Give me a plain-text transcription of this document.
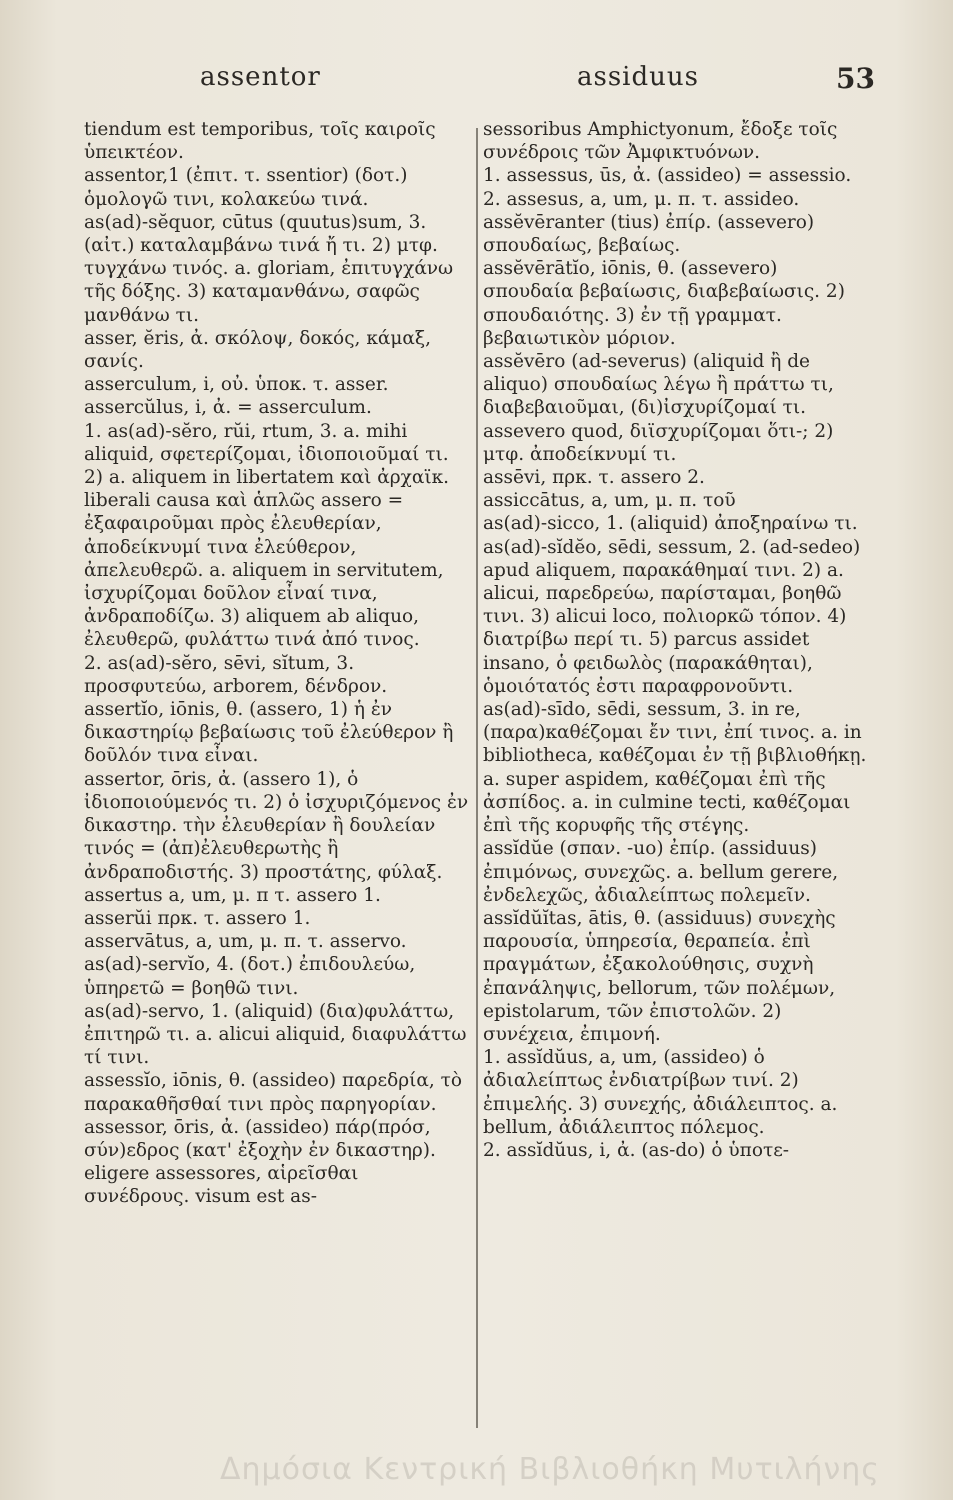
assentor	assiduus	53

tiendum est temporibus, τοῖς καιροῖς ὑπεικτέον.

assentor,1 (ἐπιτ. τ. ssentior) (δοτ.) ὁμολογῶ τινι, κολακεύω τινά.

as(ad)-sĕquor, cūtus (quutus)sum, 3. (αἰτ.) καταλαμβάνω τινά ἤ τι. 2) μτφ. τυγχάνω τινός. a. gloriam, ἐπιτυγχάνω τῆς δόξης. 3) καταμανθάνω, σαφῶς μανθάνω τι.

asser, ĕris, ἀ. σκόλοψ, δοκός, κάμαξ, σανίς.

asserculum, i, οὐ. ὑποκ. τ. asser.

assercŭlus, i, ἀ. = asserculum.

1. as(ad)-sĕro, rŭi, rtum, 3. a. mihi aliquid, σφετερίζομαι, ἰδιοποιοῦμαί τι. 2) a. aliquem in libertatem καὶ ἀρχαϊκ. liberali causa καὶ ἁπλῶς assero = ἐξαφαιροῦμαι πρὸς ἐλευθερίαν, ἀποδείκνυμί τινα ἐλεύθερον, ἀπελευθερῶ. a. aliquem in servitutem, ἰσχυρίζομαι δοῦλον εἶναί τινα, ἀνδραποδίζω. 3) aliquem ab aliquo, ἐλευθερῶ, φυλάττω τινά ἀπό τινος.

2. as(ad)-sĕro, sēvi, sĭtum, 3. προσφυτεύω, arborem, δένδρον.

assertĭo, iōnis, θ. (assero, 1) ἡ ἐν δικαστηρίῳ βεβαίωσις τοῦ ἐλεύθερον ἢ δοῦλόν τινα εἶναι.

assertor, ōris, ἀ. (assero 1), ὁ ἰδιοποιούμενός τι. 2) ὁ ἰσχυριζόμενος ἐν δικαστηρ. τὴν ἐλευθερίαν ἢ δουλείαν τινός = (ἀπ)ἐλευθερωτὴς ἢ ἀνδραποδιστής. 3) προστάτης, φύλαξ.

assertus a, um, μ. π τ. assero 1.

asserŭi πρκ. τ. assero 1.

asservātus, a, um, μ. π. τ. asservo.

as(ad)-servĭo, 4. (δοτ.) ἐπιδουλεύω, ὑπηρετῶ = βοηθῶ τινι.

as(ad)-servo, 1. (aliquid) (δια)φυλάττω, ἐπιτηρῶ τι. a. alicui aliquid, διαφυλάττω τί τινι.

assessĭo, iōnis, θ. (assideo) παρεδρία, τὸ παρακαθῆσθαί τινι πρὸς παρηγορίαν.

assessor, ōris, ἀ. (assideo) πάρ(πρόσ, σύν)εδρος (κατ' ἐξοχὴν ἐν δικαστηρ). eligere assessores, αἱρεῖσθαι συνέδρους. visum est as-

sessoribus Amphictyonum, ἔδοξε τοῖς συνέδροις τῶν Ἀμφικτυόνων.

1. assessus, ūs, ἀ. (assideo) = assessio.

2. assesus, a, um, μ. π. τ. assideo.

assĕvēranter (tius) ἐπίρ. (assevero) σπουδαίως, βεβαίως.

assĕvērātĭo, iōnis, θ. (assevero) σπουδαία βεβαίωσις, διαβεβαίωσις. 2) σπουδαιότης. 3) ἐν τῇ γραμματ. βεβαιωτικὸν μόριον.

assĕvēro (ad-severus) (aliquid ἢ de aliquo) σπουδαίως λέγω ἢ πράττω τι, διαβεβαιοῦμαι, (δι)ἰσχυρίζομαί τι. assevero quod, διϊσχυρίζομαι ὅτι-; 2) μτφ. ἀποδείκνυμί τι.

assēvi, πρκ. τ. assero 2.

assiccātus, a, um, μ. π. τοῦ

as(ad)-sicco, 1. (aliquid) ἀποξηραίνω τι.

as(ad)-sĭdĕo, sēdi, sessum, 2. (ad-sedeo) apud aliquem, παρακάθημαί τινι. 2) a. alicui, παρεδρεύω, παρίσταμαι, βοηθῶ τινι. 3) alicui loco, πολιορκῶ τόπον. 4) διατρίβω περί τι. 5) parcus assidet insano, ὁ φειδωλὸς (παρακάθηται), ὁμοιότατός ἐστι παραφρονοῦντι.

as(ad)-sīdo, sēdi, sessum, 3. in re, (παρα)καθέζομαι ἔν τινι, ἐπί τινος. a. in bibliotheca, καθέζομαι ἐν τῇ βιβλιοθήκῃ. a. super aspidem, καθέζομαι ἐπὶ τῆς ἀσπίδος. a. in culmine tecti, καθέζομαι ἐπὶ τῆς κορυφῆς τῆς στέγης.

assĭdŭe (σπαν. -uo) ἐπίρ. (assiduus) ἐπιμόνως, συνεχῶς. a. bellum gerere, ἐνδελεχῶς, ἀδιαλείπτως πολεμεῖν.

assĭdŭĭtas, ātis, θ. (assiduus) συνεχὴς παρουσία, ὑπηρεσία, θεραπεία. ἐπὶ πραγμάτων, ἐξακολούθησις, συχνὴ ἐπανάληψις, bellorum, τῶν πολέμων, epistolarum, τῶν ἐπιστολῶν. 2) συνέχεια, ἐπιμονή.

1. assĭdŭus, a, um, (assideo) ὁ ἀδιαλείπτως ἐνδιατρίβων τινί. 2) ἐπιμελής. 3) συνεχής, ἀδιάλειπτος. a. bellum, ἀδιάλειπτος πόλεμος.

2. assĭdŭus, i, ἀ. (as-do) ὁ ὑποτε-

Δημόσια Κεντρική Βιβλιοθήκη Μυτιλήνης
